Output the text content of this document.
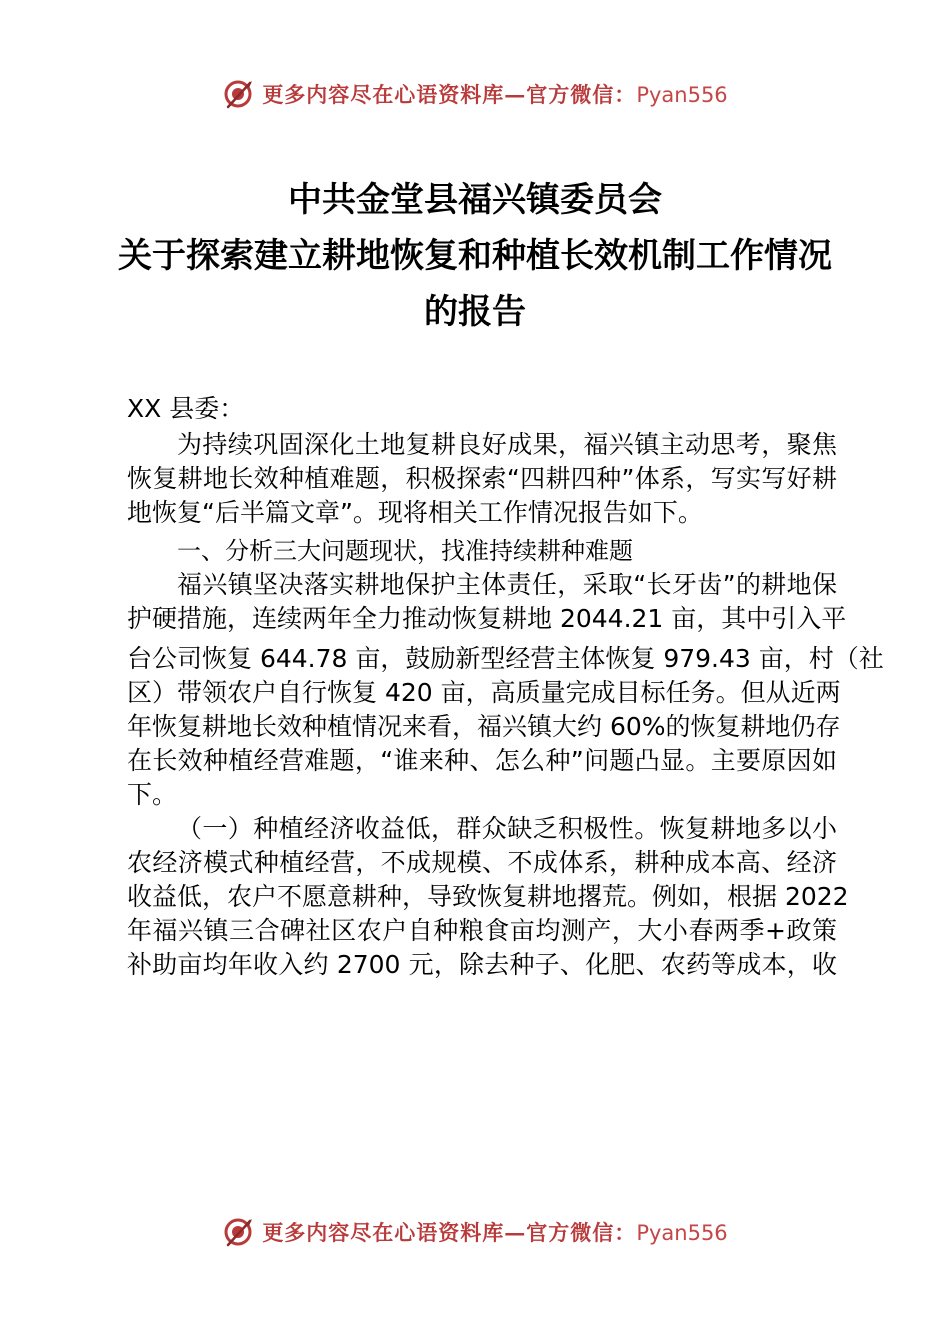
更多内容尽在心语资料库—官方微信：Pyan556
中共金堂县福兴镇委员会
关于探索建立耕地恢复和种植长效机制工作情况
的报告
XX 县委：
为持续巩固深化土地复耕良好成果，福兴镇主动思考，聚焦
恢复耕地长效种植难题，积极探索“四耕四种”体系，写实写好耕
地恢复“后半篇文章”。现将相关工作情况报告如下。
一、分析三大问题现状，找准持续耕种难题
福兴镇坚决落实耕地保护主体责任，采取“长牙齿”的耕地保
护硬措施，连续两年全力推动恢复耕地 2044.21 亩，其中引入平
台公司恢复 644.78 亩，鼓励新型经营主体恢复 979.43 亩，村（社
区）带领农户自行恢复 420 亩，高质量完成目标任务。但从近两
年恢复耕地长效种植情况来看，福兴镇大约 60%的恢复耕地仍存
在长效种植经营难题，“谁来种、怎么种”问题凸显。主要原因如
下。
（一）种植经济收益低，群众缺乏积极性。恢复耕地多以小
农经济模式种植经营，不成规模、不成体系，耕种成本高、经济
收益低，农户不愿意耕种，导致恢复耕地撂荒。例如，根据 2022
年福兴镇三合碑社区农户自种粮食亩均测产，大小春两季+政策
补助亩均年收入约 2700 元，除去种子、化肥、农药等成本，收
更多内容尽在心语资料库—官方微信：Pyan556
